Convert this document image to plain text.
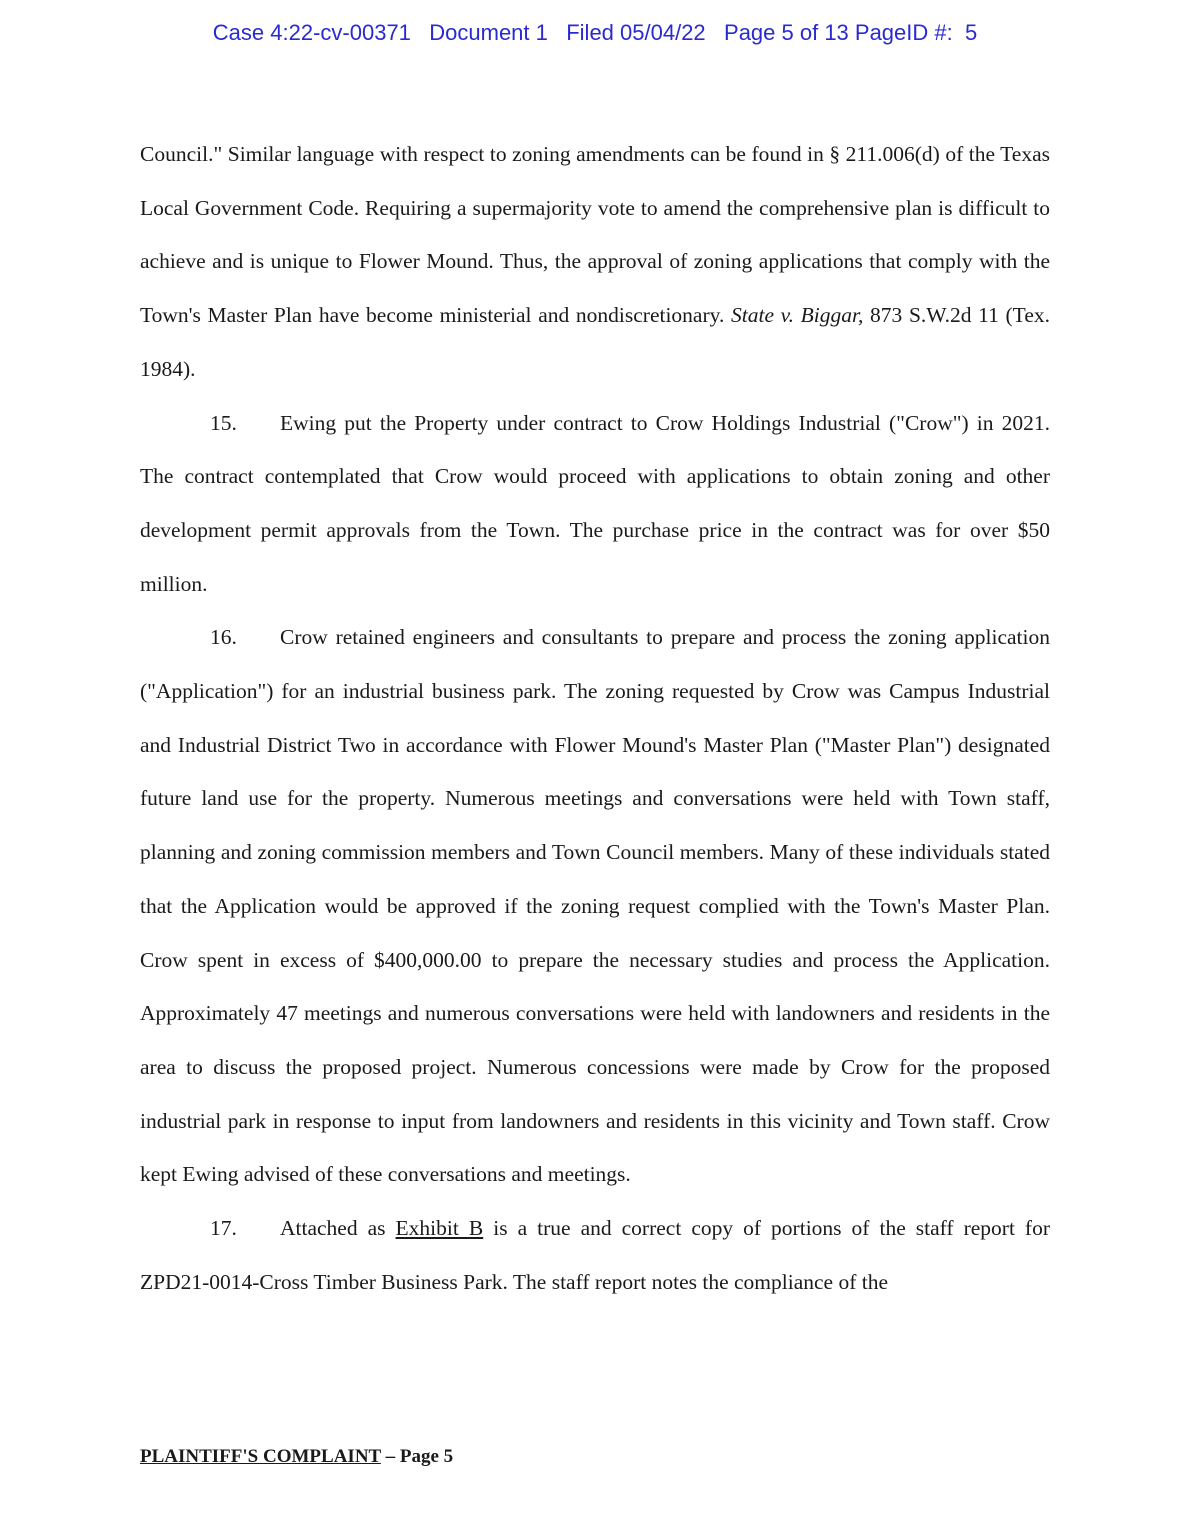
Case 4:22-cv-00371 Document 1 Filed 05/04/22 Page 5 of 13 PageID #:  5

Council." Similar language with respect to zoning amendments can be found in § 211.006(d) of the Texas Local Government Code. Requiring a supermajority vote to amend the comprehensive plan is difficult to achieve and is unique to Flower Mound. Thus, the approval of zoning applications that comply with the Town's Master Plan have become ministerial and nondiscretionary. State v. Biggar, 873 S.W.2d 11 (Tex. 1984).

15. Ewing put the Property under contract to Crow Holdings Industrial ("Crow") in 2021. The contract contemplated that Crow would proceed with applications to obtain zoning and other development permit approvals from the Town. The purchase price in the contract was for over $50 million.

16. Crow retained engineers and consultants to prepare and process the zoning application ("Application") for an industrial business park. The zoning requested by Crow was Campus Industrial and Industrial District Two in accordance with Flower Mound's Master Plan ("Master Plan") designated future land use for the property. Numerous meetings and conversations were held with Town staff, planning and zoning commission members and Town Council members. Many of these individuals stated that the Application would be approved if the zoning request complied with the Town's Master Plan. Crow spent in excess of $400,000.00 to prepare the necessary studies and process the Application. Approximately 47 meetings and numerous conversations were held with landowners and residents in the area to discuss the proposed project. Numerous concessions were made by Crow for the proposed industrial park in response to input from landowners and residents in this vicinity and Town staff. Crow kept Ewing advised of these conversations and meetings.

17. Attached as Exhibit B is a true and correct copy of portions of the staff report for ZPD21-0014-Cross Timber Business Park. The staff report notes the compliance of the

PLAINTIFF'S COMPLAINT – Page 5
